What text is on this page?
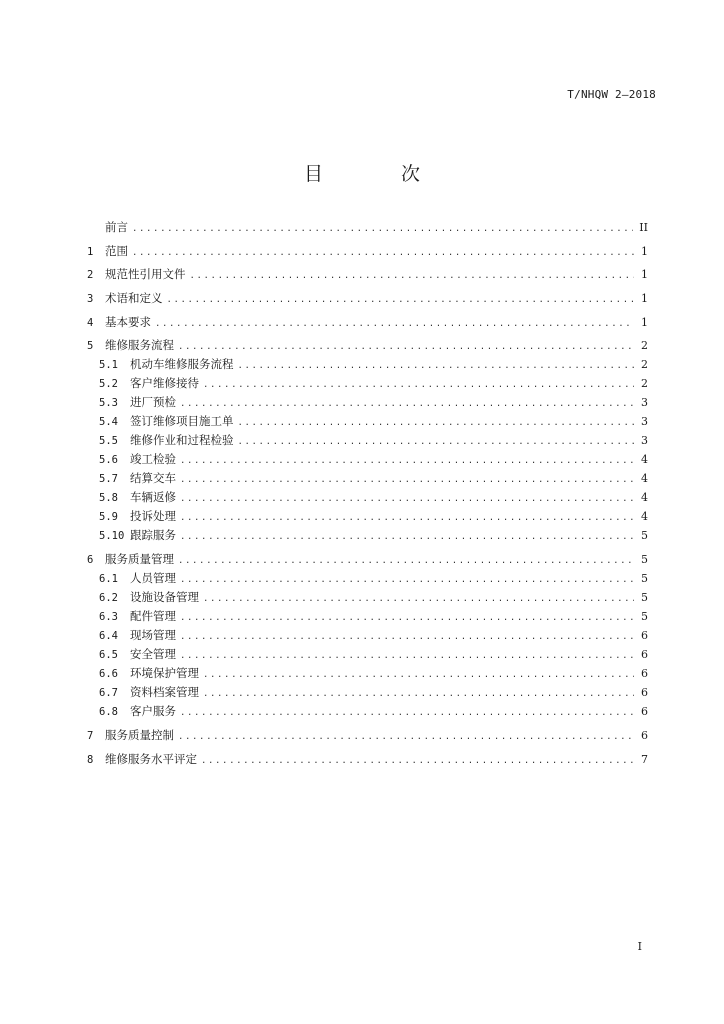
T/NHQW 2—2018
目 次
前言 .....	II
1	范围 .....	1
2	规范性引用文件 .....	1
3	术语和定义 .....	1
4	基本要求 .....	1
5	维修服务流程 .....	2
5.1	机动车维修服务流程 .....	2
5.2	客户维修接待 .....	2
5.3	进厂预检 .....	3
5.4	签订维修项目施工单 .....	3
5.5	维修作业和过程检验 .....	3
5.6	竣工检验 .....	4
5.7	结算交车 .....	4
5.8	车辆返修 .....	4
5.9	投诉处理 .....	4
5.10 跟踪服务 .....	5
6	服务质量管理 .....	5
6.1	人员管理 .....	5
6.2	设施设备管理 .....	5
6.3	配件管理 .....	5
6.4	现场管理 .....	6
6.5	安全管理 .....	6
6.6	环境保护管理 .....	6
6.7	资料档案管理 .....	6
6.8	客户服务 .....	6
7	服务质量控制 .....	6
8	维修服务水平评定 .....	7
I
